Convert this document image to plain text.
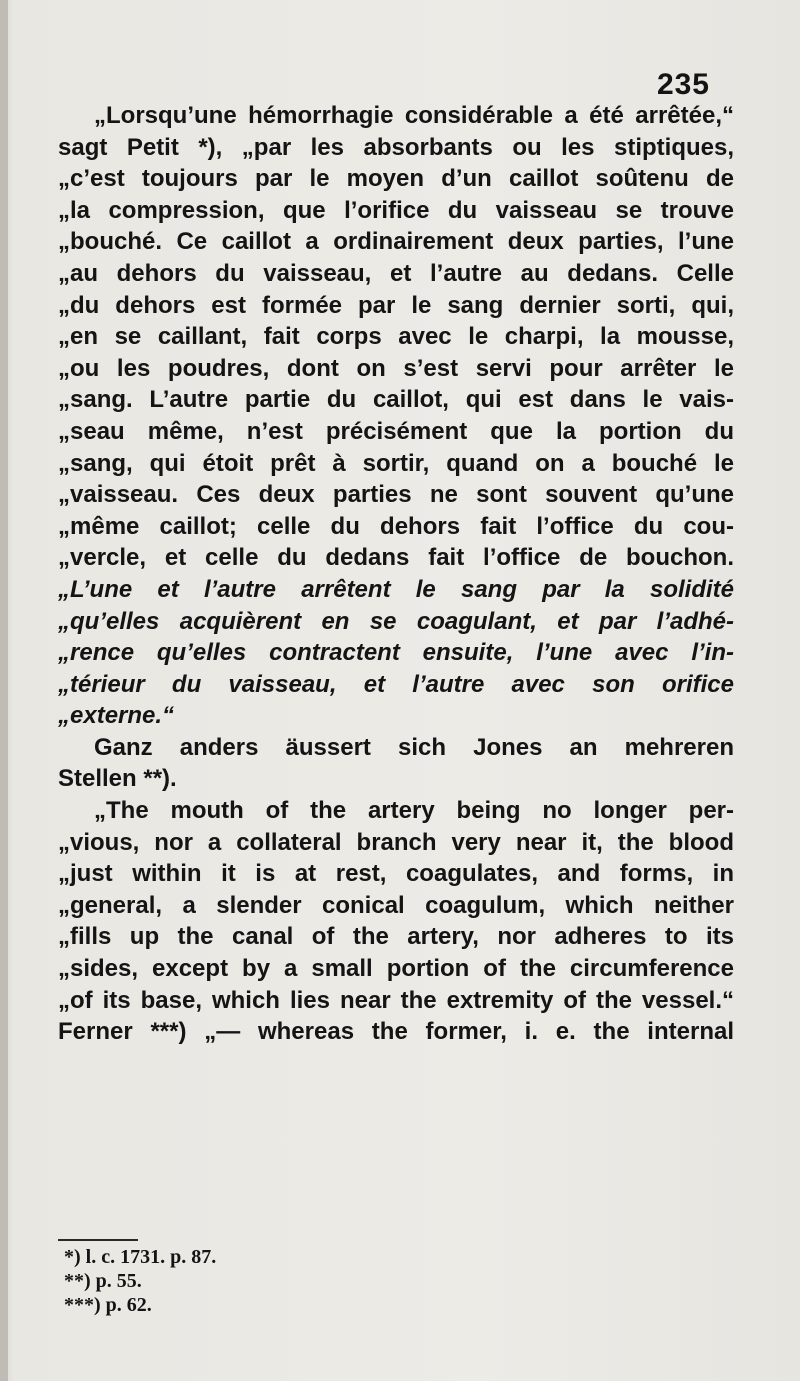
235
„Lorsqu’une hémorrhagie considérable a été arrêtée,“
sagt Petit *), „par les absorbants ou les stiptiques,
„c’est toujours par le moyen d’un caillot soûtenu de
„la compression, que l’orifice du vaisseau se trouve
„bouché. Ce caillot a ordinairement deux parties, l’une
„au dehors du vaisseau, et l’autre au dedans. Celle
„du dehors est formée par le sang dernier sorti, qui,
„en se caillant, fait corps avec le charpi, la mousse,
„ou les poudres, dont on s’est servi pour arrêter le
„sang. L’autre partie du caillot, qui est dans le vais-
„seau même, n’est précisément que la portion du
„sang, qui étoit prêt à sortir, quand on a bouché le
„vaisseau. Ces deux parties ne sont souvent qu’une
„même caillot; celle du dehors fait l’office du cou-
„vercle, et celle du dedans fait l’office de bouchon.
„L’une et l’autre arrêtent le sang par la solidité
„qu’elles acquièrent en se coagulant, et par l’adhé-
„rence qu’elles contractent ensuite, l’une avec l’in-
„térieur du vaisseau, et l’autre avec son orifice
„externe.“
Ganz anders äussert sich Jones an mehreren
Stellen **).
„The mouth of the artery being no longer per-
„vious, nor a collateral branch very near it, the blood
„just within it is at rest, coagulates, and forms, in
„general, a slender conical coagulum, which neither
„fills up the canal of the artery, nor adheres to its
„sides, except by a small portion of the circumference
„of its base, which lies near the extremity of the vessel.“
Ferner ***) „— whereas the former, i. e. the internal
*) l. c. 1731. p. 87.
**) p. 55.
***) p. 62.
